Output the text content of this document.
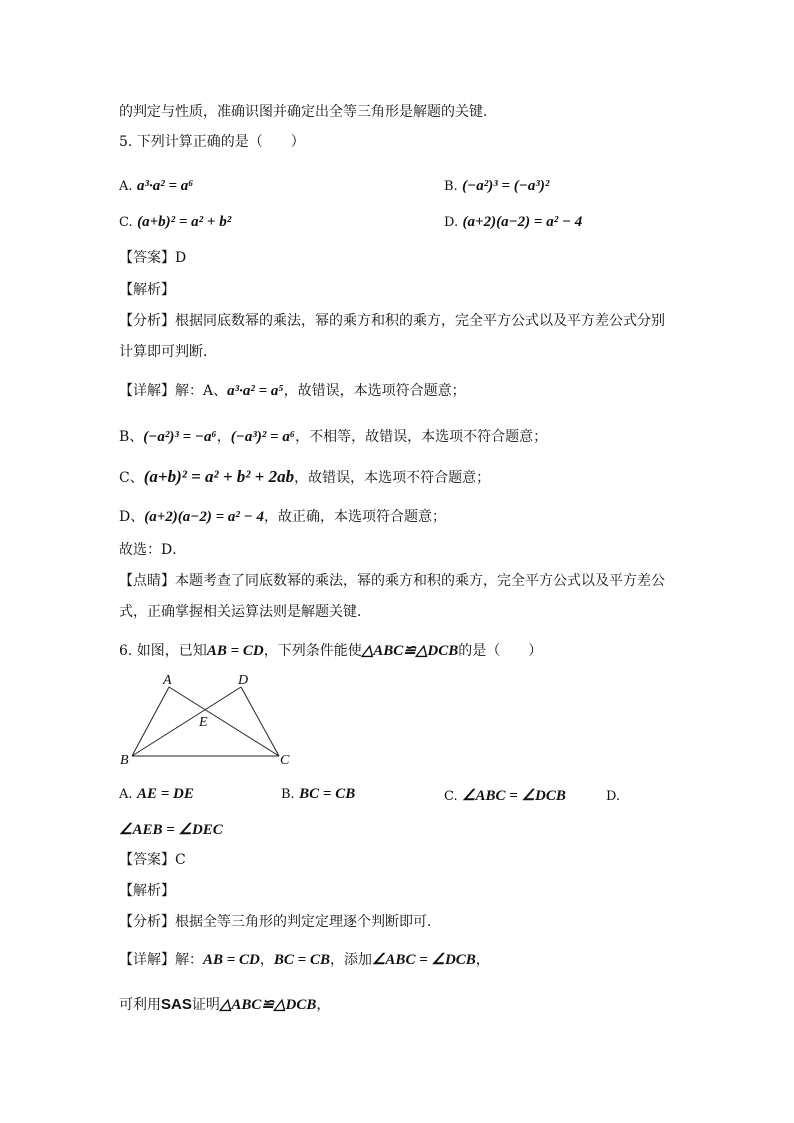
的判定与性质，准确识图并确定出全等三角形是解题的关键．
5. 下列计算正确的是（　　）
A. a³·a² = a⁶	B. (−a²)³ = (−a³)²
C. (a+b)² = a² + b²	D. (a+2)(a−2) = a² − 4
【答案】D
【解析】
【分析】根据同底数幂的乘法，幂的乘方和积的乘方，完全平方公式以及平方差公式分别
计算即可判断．
【详解】解：A、a³·a² = a⁵，故错误，本选项符合题意；
B、(−a²)³ = −a⁶，(−a³)² = a⁶，不相等，故错误，本选项不符合题意；
C、(a+b)² = a² + b² + 2ab，故错误，本选项不符合题意；
D、(a+2)(a−2) = a² − 4，故正确，本选项符合题意；
故选：D．
【点睛】本题考查了同底数幂的乘法，幂的乘方和积的乘方，完全平方公式以及平方差公
式，正确掌握相关运算法则是解题关键．
6. 如图，已知AB = CD，下列条件能使△ABC≌△DCB的是（　　）
A	D
E
B	C
A. AE = DE	B. BC = CB	C. ∠ABC = ∠DCB	D.
∠AEB = ∠DEC
【答案】C
【解析】
【分析】根据全等三角形的判定定理逐个判断即可．
【详解】解：AB = CD，BC = CB，添加∠ABC = ∠DCB，
可利用SAS证明△ABC≌△DCB，
